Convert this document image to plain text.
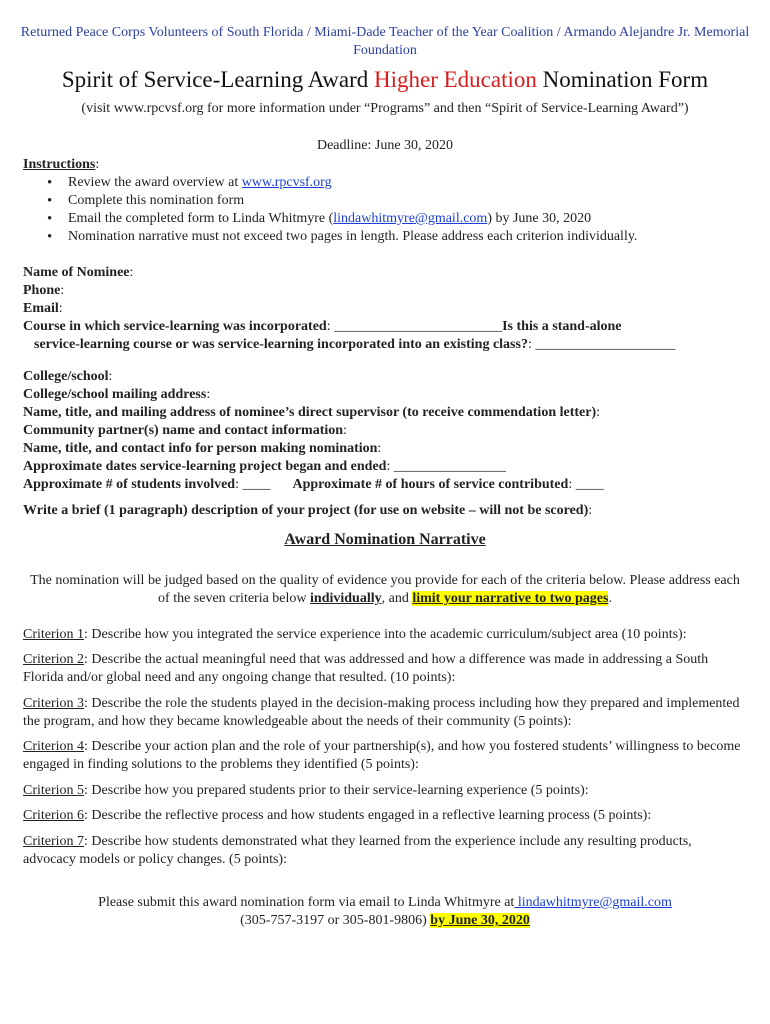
Returned Peace Corps Volunteers of South Florida / Miami-Dade Teacher of the Year Coalition / Armando Alejandre Jr. Memorial Foundation
Spirit of Service-Learning Award Higher Education Nomination Form
(visit www.rpcvsf.org for more information under “Programs” and then “Spirit of Service-Learning Award”)
Deadline: June 30, 2020
Instructions:
• Review the award overview at www.rpcvsf.org
• Complete this nomination form
• Email the completed form to Linda Whitmyre (lindawhitmyre@gmail.com) by June 30, 2020
• Nomination narrative must not exceed two pages in length. Please address each criterion individually.
Name of Nominee:
Phone:
Email:
Course in which service-learning was incorporated: ________________________Is this a stand-alone
service-learning course or was service-learning incorporated into an existing class?: ____________________
College/school:
College/school mailing address:
Name, title, and mailing address of nominee’s direct supervisor (to receive commendation letter):
Community partner(s) name and contact information:
Name, title, and contact info for person making nomination:
Approximate dates service-learning project began and ended: ________________
Approximate # of students involved: ____ Approximate # of hours of service contributed: ____
Write a brief (1 paragraph) description of your project (for use on website – will not be scored):
Award Nomination Narrative
The nomination will be judged based on the quality of evidence you provide for each of the criteria below. Please address each of the seven criteria below individually, and limit your narrative to two pages.
Criterion 1: Describe how you integrated the service experience into the academic curriculum/subject area (10 points):
Criterion 2: Describe the actual meaningful need that was addressed and how a difference was made in addressing a South Florida and/or global need and any ongoing change that resulted. (10 points):
Criterion 3: Describe the role the students played in the decision-making process including how they prepared and implemented the program, and how they became knowledgeable about the needs of their community (5 points):
Criterion 4: Describe your action plan and the role of your partnership(s), and how you fostered students’ willingness to become engaged in finding solutions to the problems they identified (5 points):
Criterion 5: Describe how you prepared students prior to their service-learning experience (5 points):
Criterion 6: Describe the reflective process and how students engaged in a reflective learning process (5 points):
Criterion 7: Describe how students demonstrated what they learned from the experience include any resulting products, advocacy models or policy changes. (5 points):
Please submit this award nomination form via email to Linda Whitmyre at lindawhitmyre@gmail.com
(305-757-3197 or 305-801-9806) by June 30, 2020
